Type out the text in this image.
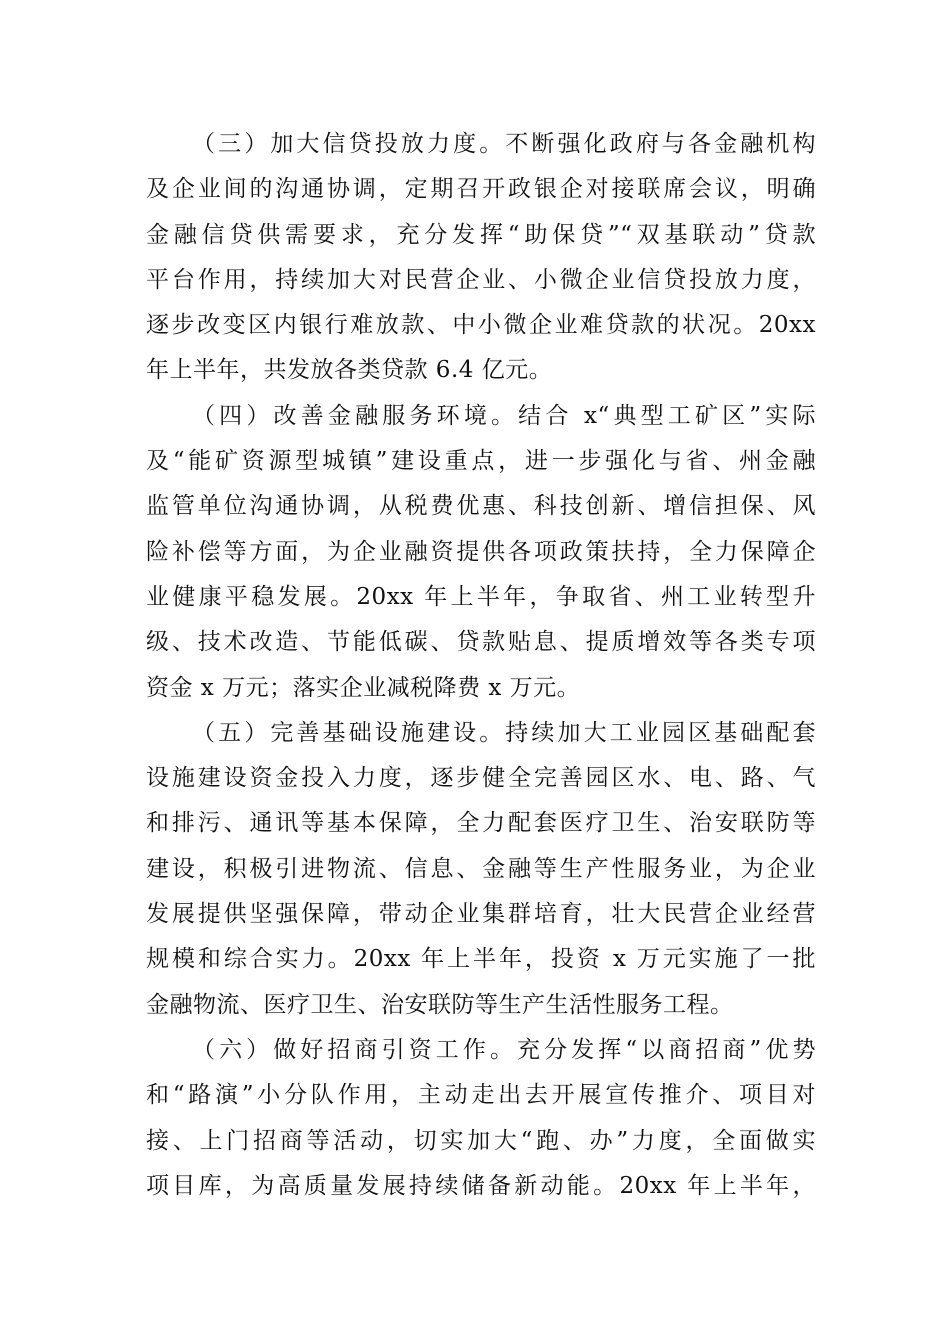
（三）加大信贷投放力度。不断强化政府与各金融机构
及企业间的沟通协调，定期召开政银企对接联席会议，明确
金融信贷供需要求，充分发挥“助保贷”“双基联动”贷款
平台作用，持续加大对民营企业、小微企业信贷投放力度，
逐步改变区内银行难放款、中小微企业难贷款的状况。20xx
年上半年，共发放各类贷款 6.4 亿元。
（四）改善金融服务环境。结合 x“典型工矿区”实际
及“能矿资源型城镇”建设重点，进一步强化与省、州金融
监管单位沟通协调，从税费优惠、科技创新、增信担保、风
险补偿等方面，为企业融资提供各项政策扶持，全力保障企
业健康平稳发展。20xx 年上半年，争取省、州工业转型升
级、技术改造、节能低碳、贷款贴息、提质增效等各类专项
资金 x 万元；落实企业减税降费 x 万元。
（五）完善基础设施建设。持续加大工业园区基础配套
设施建设资金投入力度，逐步健全完善园区水、电、路、气
和排污、通讯等基本保障，全力配套医疗卫生、治安联防等
建设，积极引进物流、信息、金融等生产性服务业，为企业
发展提供坚强保障，带动企业集群培育，壮大民营企业经营
规模和综合实力。20xx 年上半年，投资 x 万元实施了一批
金融物流、医疗卫生、治安联防等生产生活性服务工程。
（六）做好招商引资工作。充分发挥“以商招商”优势
和“路演”小分队作用，主动走出去开展宣传推介、项目对
接、上门招商等活动，切实加大“跑、办”力度，全面做实
项目库，为高质量发展持续储备新动能。20xx 年上半年，
